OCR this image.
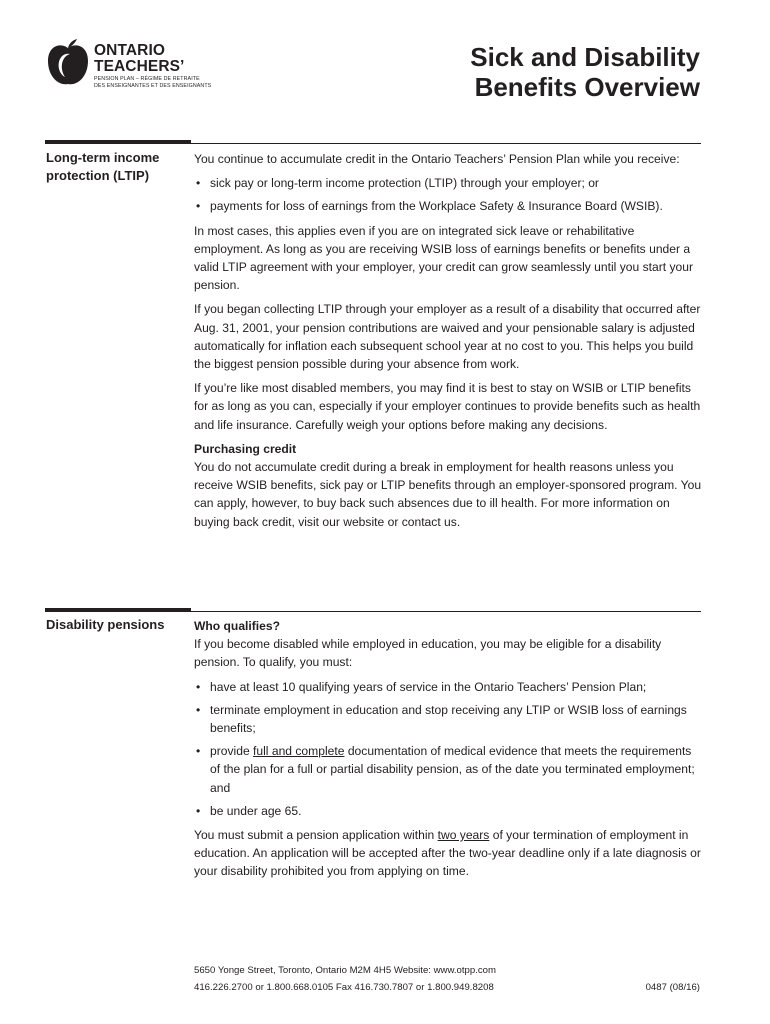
ONTARIO
TEACHERS’
PENSION PLAN – RÉGIME DE RETRAITE
DES ENSEIGNANTES ET DES ENSEIGNANTS
Sick and Disability
Benefits Overview
Long-term income protection (LTIP)

You continue to accumulate credit in the Ontario Teachers’ Pension Plan while you receive:

• sick pay or long-term income protection (LTIP) through your employer; or
• payments for loss of earnings from the Workplace Safety & Insurance Board (WSIB).

In most cases, this applies even if you are on integrated sick leave or rehabilitative employment. As long as you are receiving WSIB loss of earnings benefits or benefits under a valid LTIP agreement with your employer, your credit can grow seamlessly until you start your pension.

If you began collecting LTIP through your employer as a result of a disability that occurred after Aug. 31, 2001, your pension contributions are waived and your pensionable salary is adjusted automatically for inflation each subsequent school year at no cost to you. This helps you build the biggest pension possible during your absence from work.

If you’re like most disabled members, you may find it is best to stay on WSIB or LTIP benefits for as long as you can, especially if your employer continues to provide benefits such as health and life insurance. Carefully weigh your options before making any decisions.

Purchasing credit

You do not accumulate credit during a break in employment for health reasons unless you receive WSIB benefits, sick pay or LTIP benefits through an employer-sponsored program. You can apply, however, to buy back such absences due to ill health. For more information on buying back credit, visit our website or contact us.

Disability pensions	Who qualifies?

If you become disabled while employed in education, you may be eligible for a disability pension. To qualify, you must:

• have at least 10 qualifying years of service in the Ontario Teachers’ Pension Plan;
• terminate employment in education and stop receiving any LTIP or WSIB loss of earnings benefits;
• provide full and complete documentation of medical evidence that meets the requirements of the plan for a full or partial disability pension, as of the date you terminated employment; and
• be under age 65.

You must submit a pension application within two years of your termination of employment in education. An application will be accepted after the two-year deadline only if a late diagnosis or your disability prohibited you from applying on time.

5650 Yonge Street, Toronto, Ontario M2M 4H5 Website: www.otpp.com
416.226.2700 or 1.800.668.0105 Fax 416.730.7807 or 1.800.949.8208	0487 (08/16)
